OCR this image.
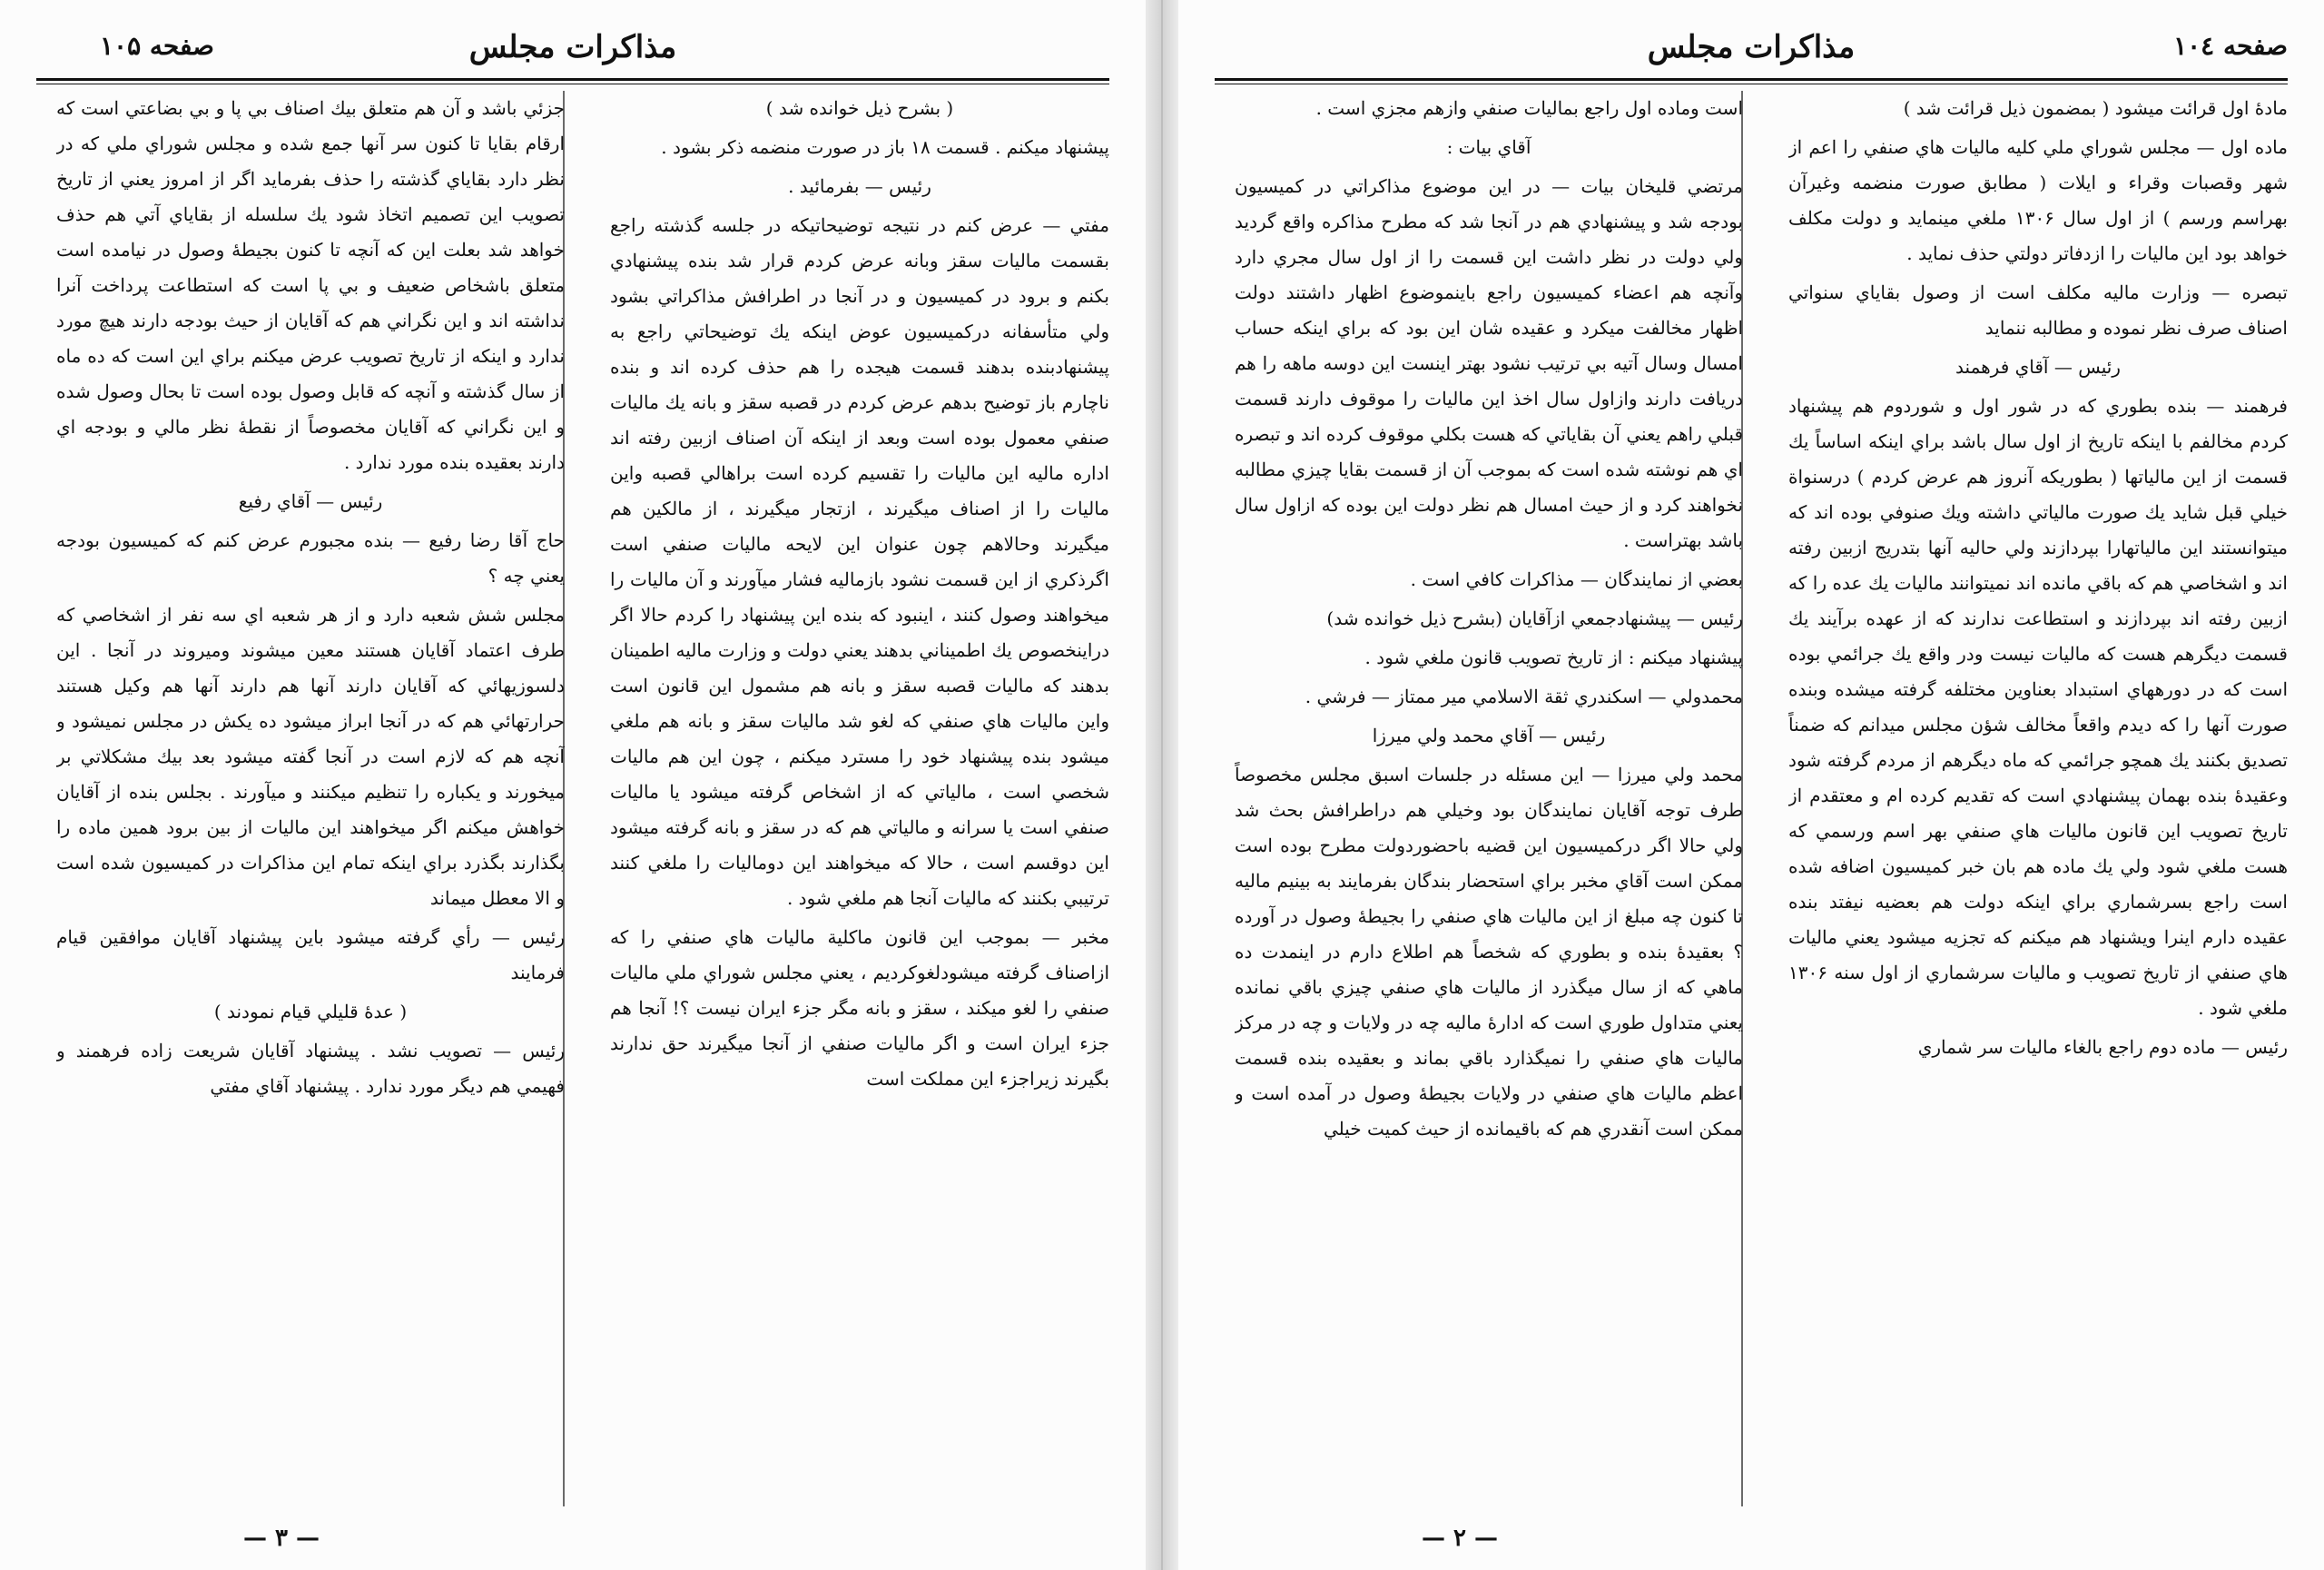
مذاكرات مجلس
صفحه ۱۰۵

( بشرح ذيل خوانده شد )

پيشنهاد ميكنم . قسمت ۱۸ باز در صورت منضمه ذكر بشود .

رئيس — بفرمائيد .

مفتي — عرض كنم در نتيجه توضيحاتيكه در جلسه گذشته راجع بقسمت ماليات سقز وبانه عرض كردم قرار شد بنده پيشنهادي بكنم و برود در كميسيون و در آنجا در اطرافش مذاكراتي بشود ولي متأسفانه دركميسيون عوض اينكه يك توضيحاتي راجع به پيشنهادبنده بدهند قسمت هيجده را هم حذف كرده اند و بنده ناچارم باز توضيح بدهم عرض كردم در قصبه سقز و بانه يك ماليات صنفي معمول بوده است وبعد از اينكه آن اصناف ازبين رفته اند اداره ماليه اين ماليات را تقسيم كرده است براهالي قصبه واين ماليات را از اصناف ميگيرند ، ازتجار ميگيرند ، از مالكين هم ميگيرند وحالاهم چون عنوان اين لايحه ماليات صنفي است اگرذكري از اين قسمت نشود بازماليه فشار ميآورند و آن ماليات را ميخواهند وصول كنند ، اينبود كه بنده اين پيشنهاد را كردم حالا اگر دراينخصوص يك اطميناني بدهند يعني دولت و وزارت ماليه اطمينان بدهند كه ماليات قصبه سقز و بانه هم مشمول اين قانون است واين ماليات هاي صنفي كه لغو شد ماليات سقز و بانه هم ملغي ميشود بنده پيشنهاد خود را مسترد ميكنم ، چون اين هم ماليات شخصي است ، مالياتي كه از اشخاص گرفته ميشود يا ماليات صنفي است يا سرانه و مالياتي هم كه در سقز و بانه گرفته ميشود اين دوقسم است ، حالا كه ميخواهند اين دوماليات را ملغي كنند ترتيبي بكنند كه ماليات آنجا هم ملغي شود .

مخبر — بموجب اين قانون ماكلية ماليات هاي صنفي را كه ازاصناف گرفته ميشودلغوكرديم ، يعني مجلس شوراي ملي ماليات صنفي را لغو ميكند ، سقز و بانه مگر جزء ايران نيست ؟! آنجا هم جزء ايران است و اگر ماليات صنفي از آنجا ميگيرند حق ندارند بگيرند زيراجزء اين مملكت است

جزئي باشد و آن هم متعلق بيك اصناف بي پا و بي بضاعتي است كه ارقام بقايا تا كنون سر آنها جمع شده و مجلس شوراي ملي كه در نظر دارد بقاياي گذشته را حذف بفرمايد اگر از امروز يعني از تاريخ تصويب اين تصميم اتخاذ شود يك سلسله از بقاياي آتي هم حذف خواهد شد بعلت اين كه آنچه تا كنون بجيطهٔ وصول در نيامده است متعلق باشخاص ضعيف و بي پا است كه استطاعت پرداخت آنرا نداشته اند و اين نگراني هم كه آقايان از حيث بودجه دارند هيچ مورد ندارد و اينكه از تاريخ تصويب عرض ميكنم براي اين است كه ده ماه از سال گذشته و آنچه كه قابل وصول بوده است تا بحال وصول شده و اين نگراني كه آقايان مخصوصاً از نقطهٔ نظر مالي و بودجه اي دارند بعقيده بنده مورد ندارد .

رئيس — آقاي رفيع

حاج آقا رضا رفيع — بنده مجبورم عرض كنم كه كميسيون بودجه يعني چه ؟

مجلس شش شعبه دارد و از هر شعبه اي سه نفر از اشخاصي كه طرف اعتماد آقايان هستند معين ميشوند وميروند در آنجا . اين دلسوزيهائي كه آقايان دارند آنها هم دارند آنها هم وكيل هستند حرارتهائي هم كه در آنجا ابراز ميشود ده يكش در مجلس نميشود و آنچه هم كه لازم است در آنجا گفته ميشود بعد بيك مشكلاتي بر ميخورند و يكباره را تنظيم ميكنند و ميآورند . بجلس بنده از آقايان خواهش ميكنم اگر ميخواهند اين ماليات از بين برود همين ماده را بگذارند بگذرد براي اينكه تمام اين مذاكرات در كميسيون شده است و الا معطل ميماند

رئيس — رأي گرفته ميشود باين پيشنهاد آقايان موافقين قيام فرمايند

( عدهٔ قليلي قيام نمودند )

رئيس — تصويب نشد . پيشنهاد آقايان شريعت زاده فرهمند و فهيمي هم ديگر مورد ندارد . پيشنهاد آقاي مفتي

— ۳ —
مذاكرات مجلس	صفحه ۱۰٤

مادهٔ اول قرائت ميشود ( بمضمون ذيل قرائت شد )

ماده اول — مجلس شوراي ملي كليه ماليات هاي صنفي را اعم از شهر وقصبات وقراء و ايلات ( مطابق صورت منضمه وغيرآن بهراسم ورسم ) از اول سال ۱۳۰۶ ملغي مينمايد و دولت مكلف خواهد بود اين ماليات را ازدفاتر دولتي حذف نمايد .

تبصره — وزارت ماليه مكلف است از وصول بقاياي سنواتي اصناف صرف نظر نموده و مطالبه ننمايد

رئيس — آقاي فرهمند

فرهمند — بنده بطوري كه در شور اول و شوردوم هم پيشنهاد كردم مخالفم با اينكه تاريخ از اول سال باشد براي اينكه اساساً يك قسمت از اين مالياتها ( بطوريكه آنروز هم عرض كردم ) درسنواة خيلي قبل شايد يك صورت مالياتي داشته ويك صنوفي بوده اند كه ميتوانستند اين مالياتهارا بپردازند ولي حاليه آنها بتدريج ازبين رفته اند و اشخاصي هم كه باقي مانده اند نميتوانند ماليات يك عده را كه ازبين رفته اند بپردازند و استطاعت ندارند كه از عهده برآيند يك قسمت ديگرهم هست كه ماليات نيست ودر واقع يك جرائمي بوده است كه در دورههاي استبداد بعناوين مختلفه گرفته ميشده وبنده صورت آنها را كه ديدم واقعاً مخالف شؤن مجلس ميدانم كه ضمناً تصديق بكنند يك همچو جرائمي كه ماه ديگرهم از مردم گرفته شود وعقيدهٔ بنده بهمان پيشنهادي است كه تقديم كرده ام و معتقدم از تاريخ تصويب اين قانون ماليات هاي صنفي بهر اسم ورسمي كه هست ملغي شود ولي يك ماده هم بان خبر كميسيون اضافه شده است راجع بسرشماري براي اينكه دولت هم بعضيه نيفتد بنده عقيده دارم اينرا ويشنهاد هم ميكنم كه تجزيه ميشود يعني ماليات هاي صنفي از تاريخ تصويب و ماليات سرشماري از اول سنه ۱۳۰۶ ملغي شود .

رئيس — ماده دوم راجع بالغاء ماليات سر شماري

است وماده اول راجع بماليات صنفي وازهم مجزي است .

آقاي بيات :

مرتضي قليخان بيات — در اين موضوع مذاكراتي در كميسيون بودجه شد و پيشنهادي هم در آنجا شد كه مطرح مذاكره واقع گرديد ولي دولت در نظر داشت اين قسمت را از اول سال مجري دارد وآنچه هم اعضاء كميسيون راجع باينموضوع اظهار داشتند دولت اظهار مخالفت ميكرد و عقيده شان اين بود كه براي اينكه حساب امسال وسال آتيه بي ترتيب نشود بهتر اينست اين دوسه ماهه را هم دريافت دارند وازاول سال اخذ اين ماليات را موقوف دارند قسمت قبلي راهم يعني آن بقاياتي كه هست بكلي موقوف كرده اند و تبصره اي هم نوشته شده است كه بموجب آن از قسمت بقايا چيزي مطالبه نخواهند كرد و از حيث امسال هم نظر دولت اين بوده كه ازاول سال باشد بهتراست .

بعضي از نمايندگان — مذاكرات كافي است .

رئيس — پيشنهادجمعي ازآقايان (بشرح ذيل خوانده شد)

پيشنهاد ميكنم : از تاريخ تصويب قانون ملغي شود .

محمدولي — اسكندري ثقة الاسلامي مير ممتاز — فرشي .

رئيس — آقاي محمد ولي ميرزا

محمد ولي ميرزا — اين مسئله در جلسات اسبق مجلس مخصوصاً طرف توجه آقايان نمايندگان بود وخيلي هم دراطرافش بحث شد ولي حالا اگر دركميسيون اين قضيه باحضوردولت مطرح بوده است ممكن است آقاي مخبر براي استحضار بندگان بفرمايند به بينيم ماليه تا كنون چه مبلغ از اين ماليات هاي صنفي را بجيطهٔ وصول در آورده ؟ بعقيدهٔ بنده و بطوري كه شخصاً هم اطلاع دارم در اينمدت ده ماهي كه از سال ميگذرد از ماليات هاي صنفي چيزي باقي نمانده يعني متداول طوري است كه ادارهٔ ماليه چه در ولايات و چه در مركز ماليات هاي صنفي را نميگذارد باقي بماند و بعقيده بنده قسمت اعظم ماليات هاي صنفي در ولايات بجيطهٔ وصول در آمده است و ممكن است آنقدري هم كه باقيمانده از حيث كميت خيلي

— ۲ —
